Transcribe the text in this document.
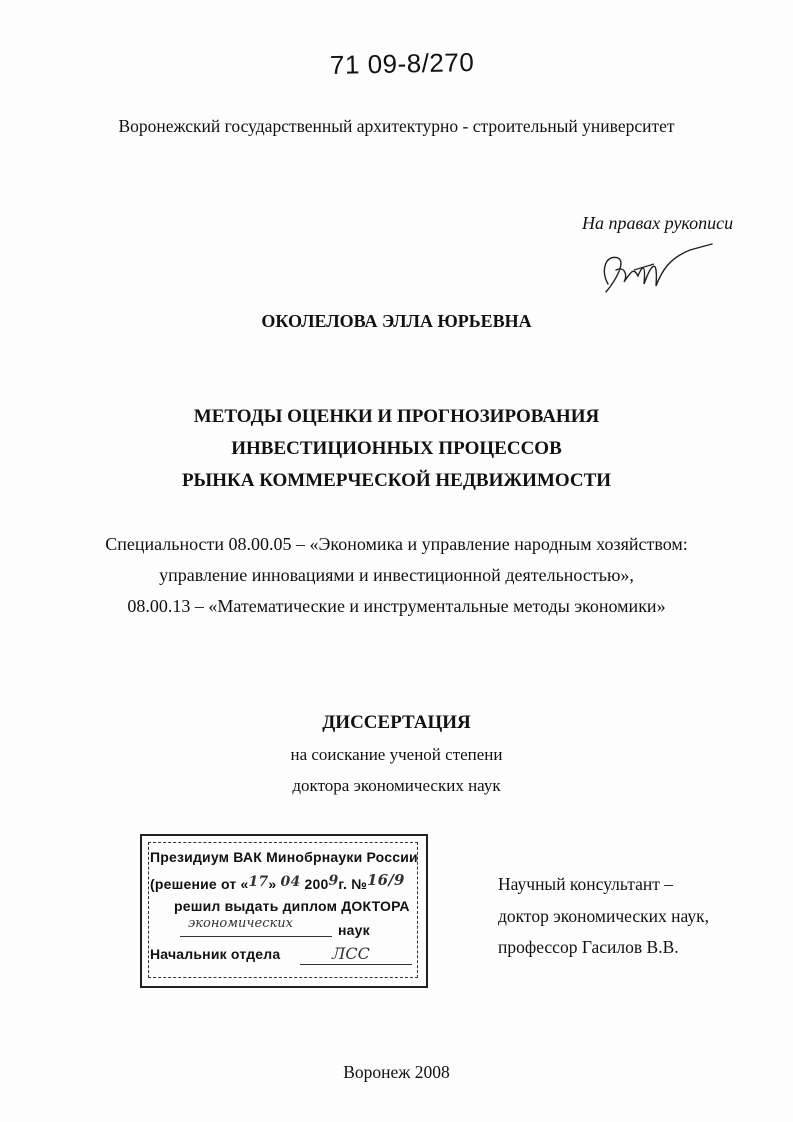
71 09-8/270
Воронежский государственный архитектурно - строительный университет
На правах рукописи
ОКОЛЕЛОВА ЭЛЛА ЮРЬЕВНА
МЕТОДЫ ОЦЕНКИ И ПРОГНОЗИРОВАНИЯ
ИНВЕСТИЦИОННЫХ ПРОЦЕССОВ
РЫНКА КОММЕРЧЕСКОЙ НЕДВИЖИМОСТИ
Специальности 08.00.05 – «Экономика и управление народным хозяйством:
управление инновациями и инвестиционной деятельностью»,
08.00.13 – «Математические и инструментальные методы экономики»
ДИССЕРТАЦИЯ
на соискание ученой степени
доктора экономических наук
Президиум ВАК Минобрнауки России
(решение от «17» 04 2009г. №16/9
решил выдать диплом ДОКТОРА
экономических	наук
Начальник отдела	ЛСС
Научный консультант –
доктор экономических наук,
профессор Гасилов В.В.
Воронеж 2008
